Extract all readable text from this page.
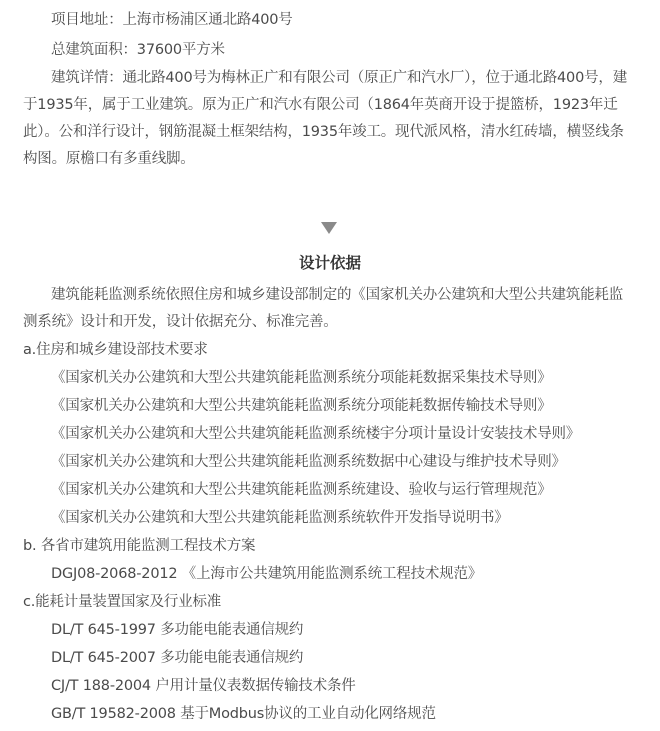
项目地址：上海市杨浦区通北路400号
总建筑面积：37600平方米
建筑详情：通北路400号为梅林正广和有限公司（原正广和汽水厂），位于通北路400号，建于1935年，属于工业建筑。原为正广和汽水有限公司（1864年英商开设于提篮桥，1923年迁此）。公和洋行设计，钢筋混凝土框架结构，1935年竣工。现代派风格，清水红砖墙，横竖线条构图。原檐口有多重线脚。
设计依据
建筑能耗监测系统依照住房和城乡建设部制定的《国家机关办公建筑和大型公共建筑能耗监测系统》设计和开发，设计依据充分、标准完善。
a.住房和城乡建设部技术要求
《国家机关办公建筑和大型公共建筑能耗监测系统分项能耗数据采集技术导则》
《国家机关办公建筑和大型公共建筑能耗监测系统分项能耗数据传输技术导则》
《国家机关办公建筑和大型公共建筑能耗监测系统楼宇分项计量设计安装技术导则》
《国家机关办公建筑和大型公共建筑能耗监测系统数据中心建设与维护技术导则》
《国家机关办公建筑和大型公共建筑能耗监测系统建设、验收与运行管理规范》
《国家机关办公建筑和大型公共建筑能耗监测系统软件开发指导说明书》
b. 各省市建筑用能监测工程技术方案
DGJ08-2068-2012 《上海市公共建筑用能监测系统工程技术规范》
c.能耗计量装置国家及行业标准
DL/T 645-1997 多功能电能表通信规约
DL/T 645-2007 多功能电能表通信规约
CJ/T 188-2004 户用计量仪表数据传输技术条件
GB/T 19582-2008 基于Modbus协议的工业自动化网络规范
